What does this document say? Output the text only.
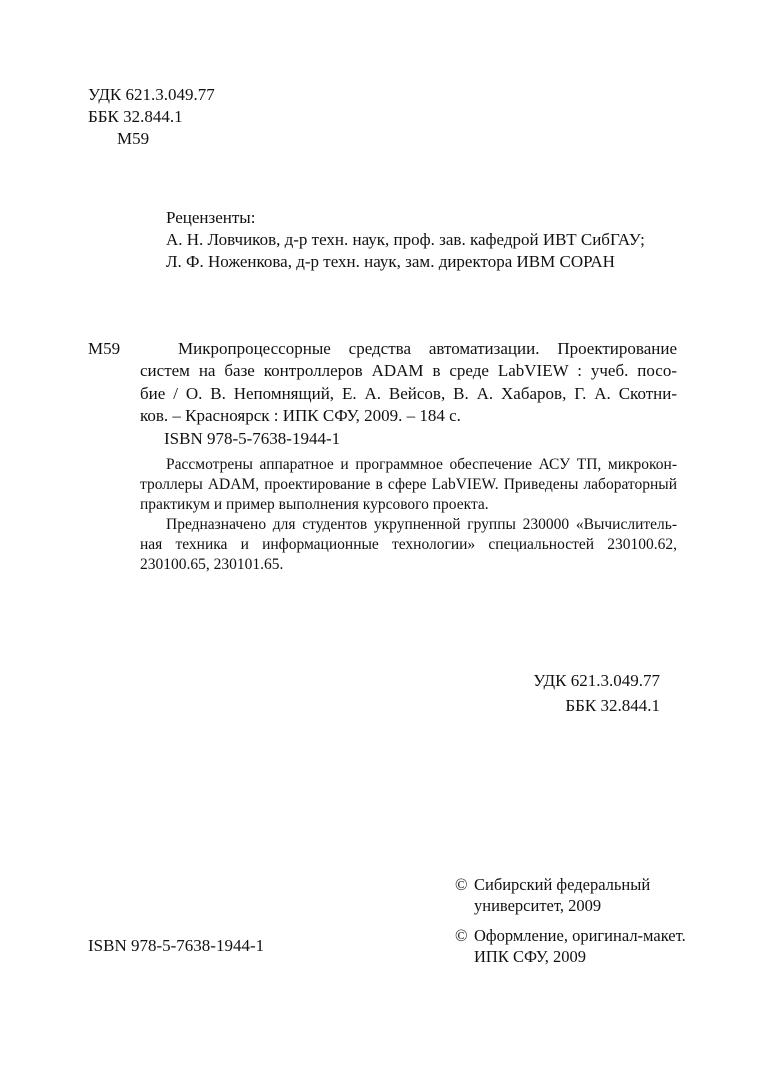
УДК 621.3.049.77
ББК 32.844.1
М59
Рецензенты:
А. Н. Ловчиков, д-р техн. наук, проф. зав. кафедрой ИВТ СибГАУ;
Л. Ф. Ноженкова, д-р техн. наук, зам. директора ИВМ СОРАН
М59	Микропроцессорные средства автоматизации. Проектирование
систем на базе контроллеров ADAM в среде LabVIEW : учеб. посо-
бие / О. В. Непомнящий, Е. А. Вейсов, В. А. Хабаров, Г. А. Скотни-
ков. – Красноярск : ИПК СФУ, 2009. – 184 с.
ISBN 978-5-7638-1944-1
Рассмотрены аппаратное и программное обеспечение АСУ ТП, микрокон-
троллеры ADAM, проектирование в сфере LabVIEW. Приведены лабораторный
практикум и пример выполнения курсового проекта.
Предназначено для студентов укрупненной группы 230000 «Вычислитель-
ная техника и информационные технологии» специальностей 230100.62,
230100.65, 230101.65.
УДК 621.3.049.77
ББК 32.844.1
© Сибирский федеральный
университет, 2009
© Оформление, оригинал-макет.
ИПК СФУ, 2009
ISBN 978-5-7638-1944-1
